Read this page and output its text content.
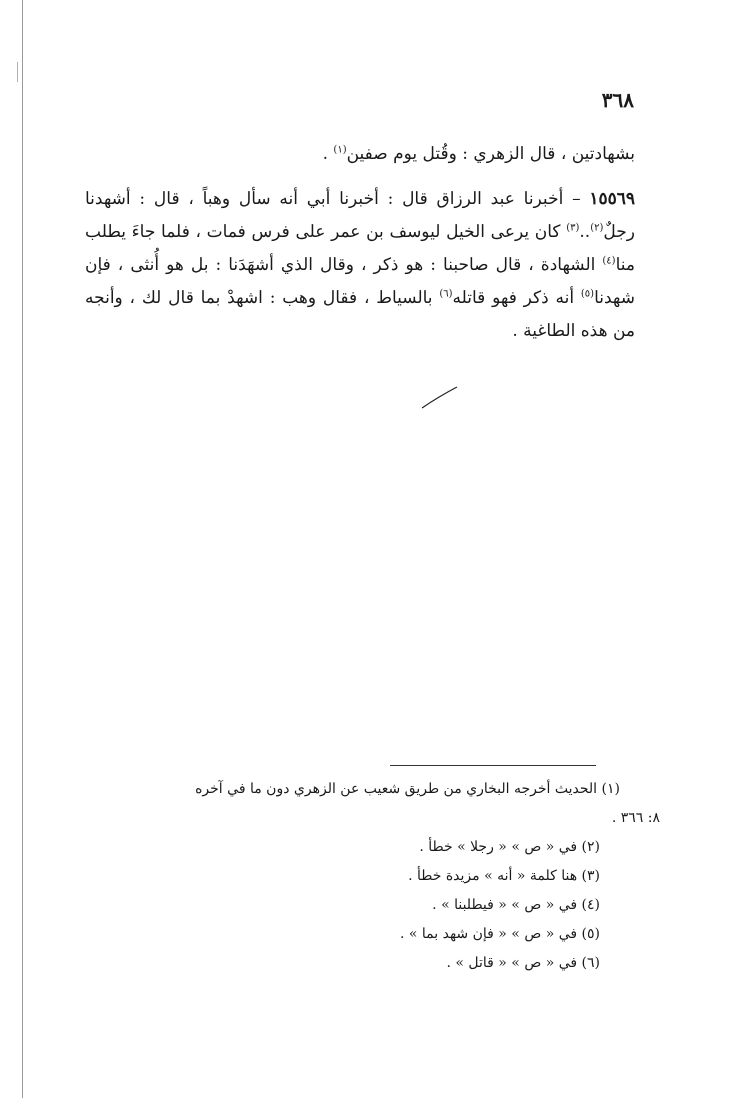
٣٦٨

بشهادتين ، قال الزهري : وقُتل يوم صفين$^{(١)}$ .

١٥٥٦٩ – أخبرنا عبد الرزاق قال : أخبرنا أبي أنه سأل وهباً ، قال : أشهدنا رجلٌ$^{(٢)}$..$^{(٣)}$ كان يرعى الخيل ليوسف بن عمر على فرس فمات ، فلما جاءَ يطلب منا$^{(٤)}$ الشهادة ، قال صاحبنا : هو ذكر ، وقال الذي أشهَدَنا : بل هو أُنثى ، فإن شهدنا$^{(٥)}$ أنه ذكر فهو قاتله$^{(٦)}$ بالسياط ، فقال وهب : اشهدْ بما قال لك ، وأنجه من هذه الطاغية .

(١) الحديث أخرجه البخاري من طريق شعيب عن الزهري دون ما في آخره
٨: ٣٦٦ .
(٢) في « ص » « رجلا » خطأ .
(٣) هنا كلمة « أنه » مزيدة خطأ .
(٤) في « ص » « فيطلبنا » .
(٥) في « ص » « فإن شهد بما » .
(٦) في « ص » « قاتل » .
